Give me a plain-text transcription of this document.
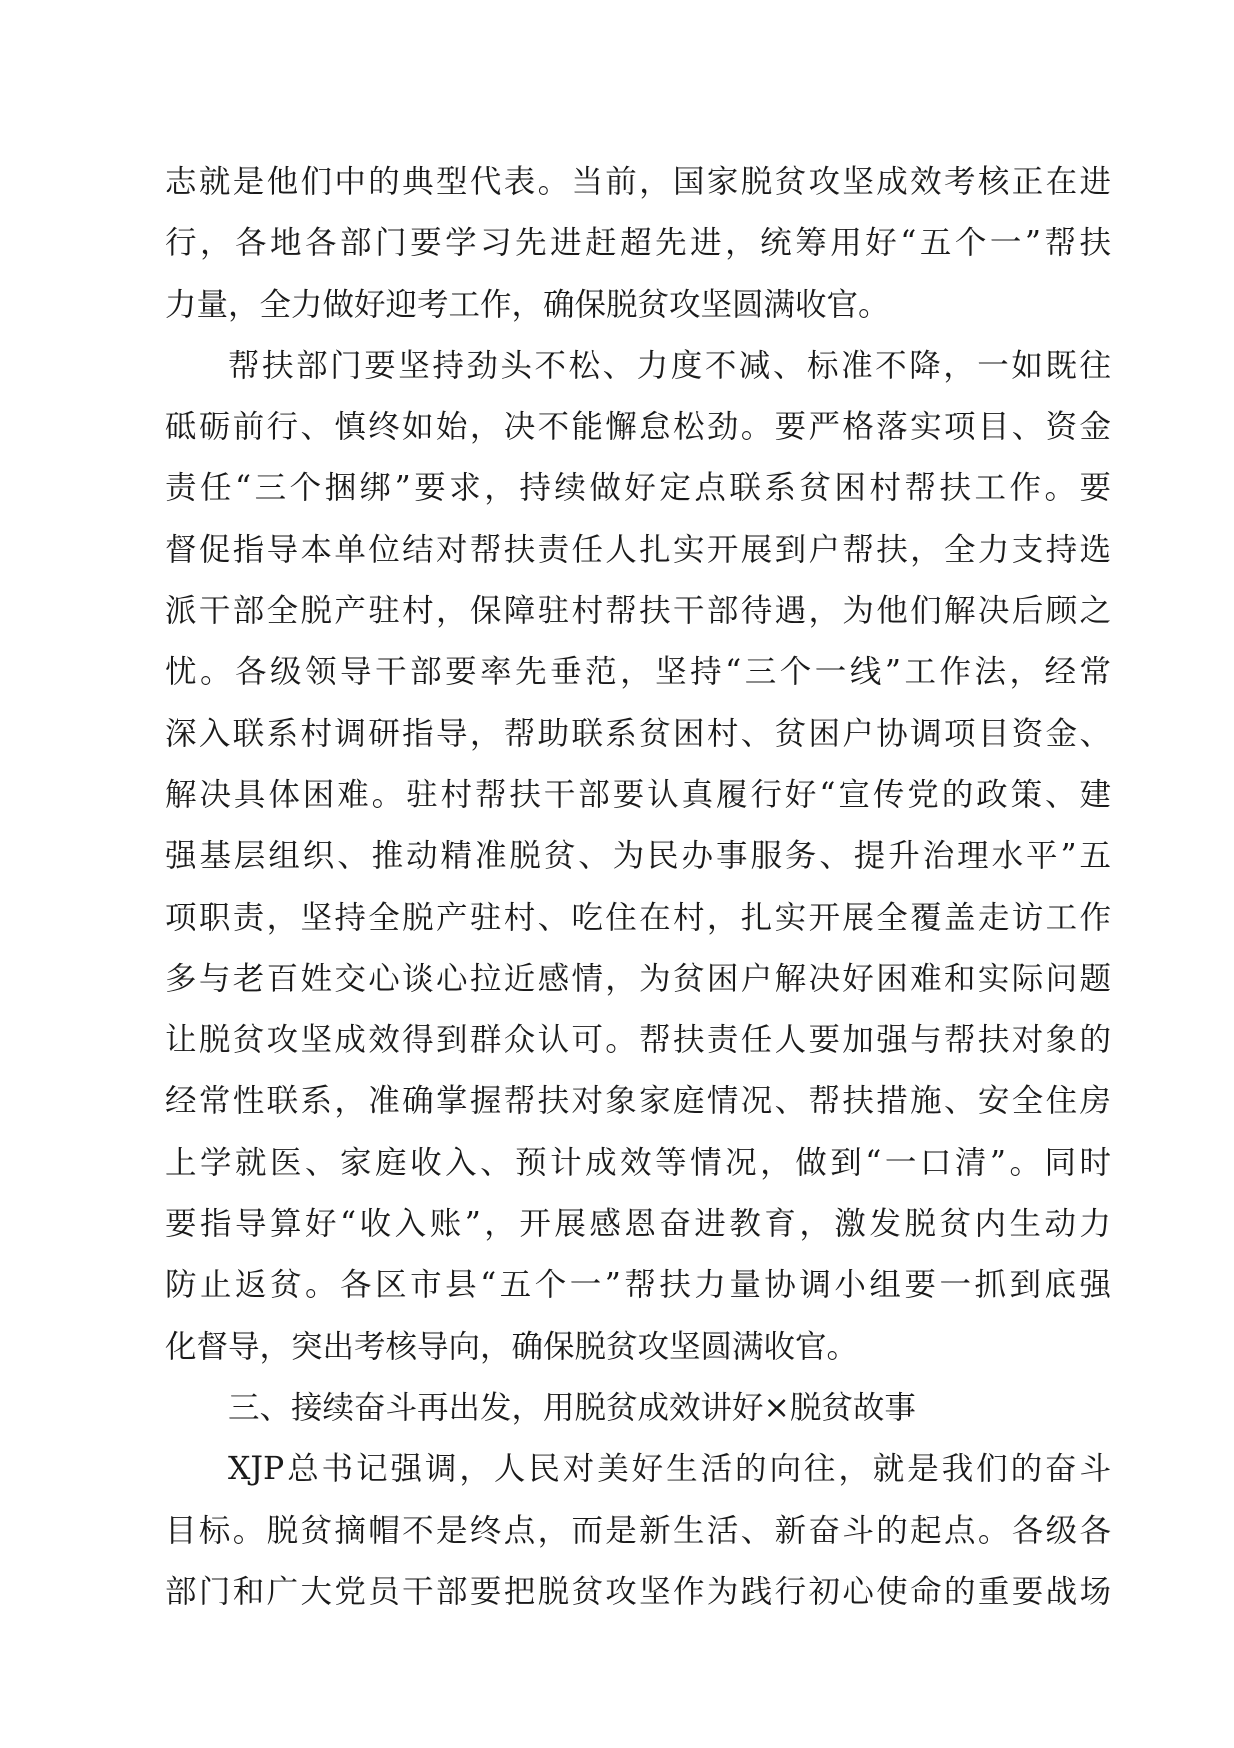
志就是他们中的典型代表。当前，国家脱贫攻坚成效考核正在进
行，各地各部门要学习先进赶超先进，统筹用好“五个一”帮扶
力量，全力做好迎考工作，确保脱贫攻坚圆满收官。
帮扶部门要坚持劲头不松、力度不减、标准不降，一如既往
砥砺前行、慎终如始，决不能懈怠松劲。要严格落实项目、资金
责任“三个捆绑”要求，持续做好定点联系贫困村帮扶工作。要
督促指导本单位结对帮扶责任人扎实开展到户帮扶，全力支持选
派干部全脱产驻村，保障驻村帮扶干部待遇，为他们解决后顾之
忧。各级领导干部要率先垂范，坚持“三个一线”工作法，经常
深入联系村调研指导，帮助联系贫困村、贫困户协调项目资金、
解决具体困难。驻村帮扶干部要认真履行好“宣传党的政策、建
强基层组织、推动精准脱贫、为民办事服务、提升治理水平”五
项职责，坚持全脱产驻村、吃住在村，扎实开展全覆盖走访工作
多与老百姓交心谈心拉近感情，为贫困户解决好困难和实际问题
让脱贫攻坚成效得到群众认可。帮扶责任人要加强与帮扶对象的
经常性联系，准确掌握帮扶对象家庭情况、帮扶措施、安全住房
上学就医、家庭收入、预计成效等情况，做到“一口清”。同时
要指导算好“收入账”，开展感恩奋进教育，激发脱贫内生动力
防止返贫。各区市县“五个一”帮扶力量协调小组要一抓到底强
化督导，突出考核导向，确保脱贫攻坚圆满收官。
三、接续奋斗再出发，用脱贫成效讲好×脱贫故事
XJP总书记强调，人民对美好生活的向往，就是我们的奋斗
目标。脱贫摘帽不是终点，而是新生活、新奋斗的起点。各级各
部门和广大党员干部要把脱贫攻坚作为践行初心使命的重要战场
